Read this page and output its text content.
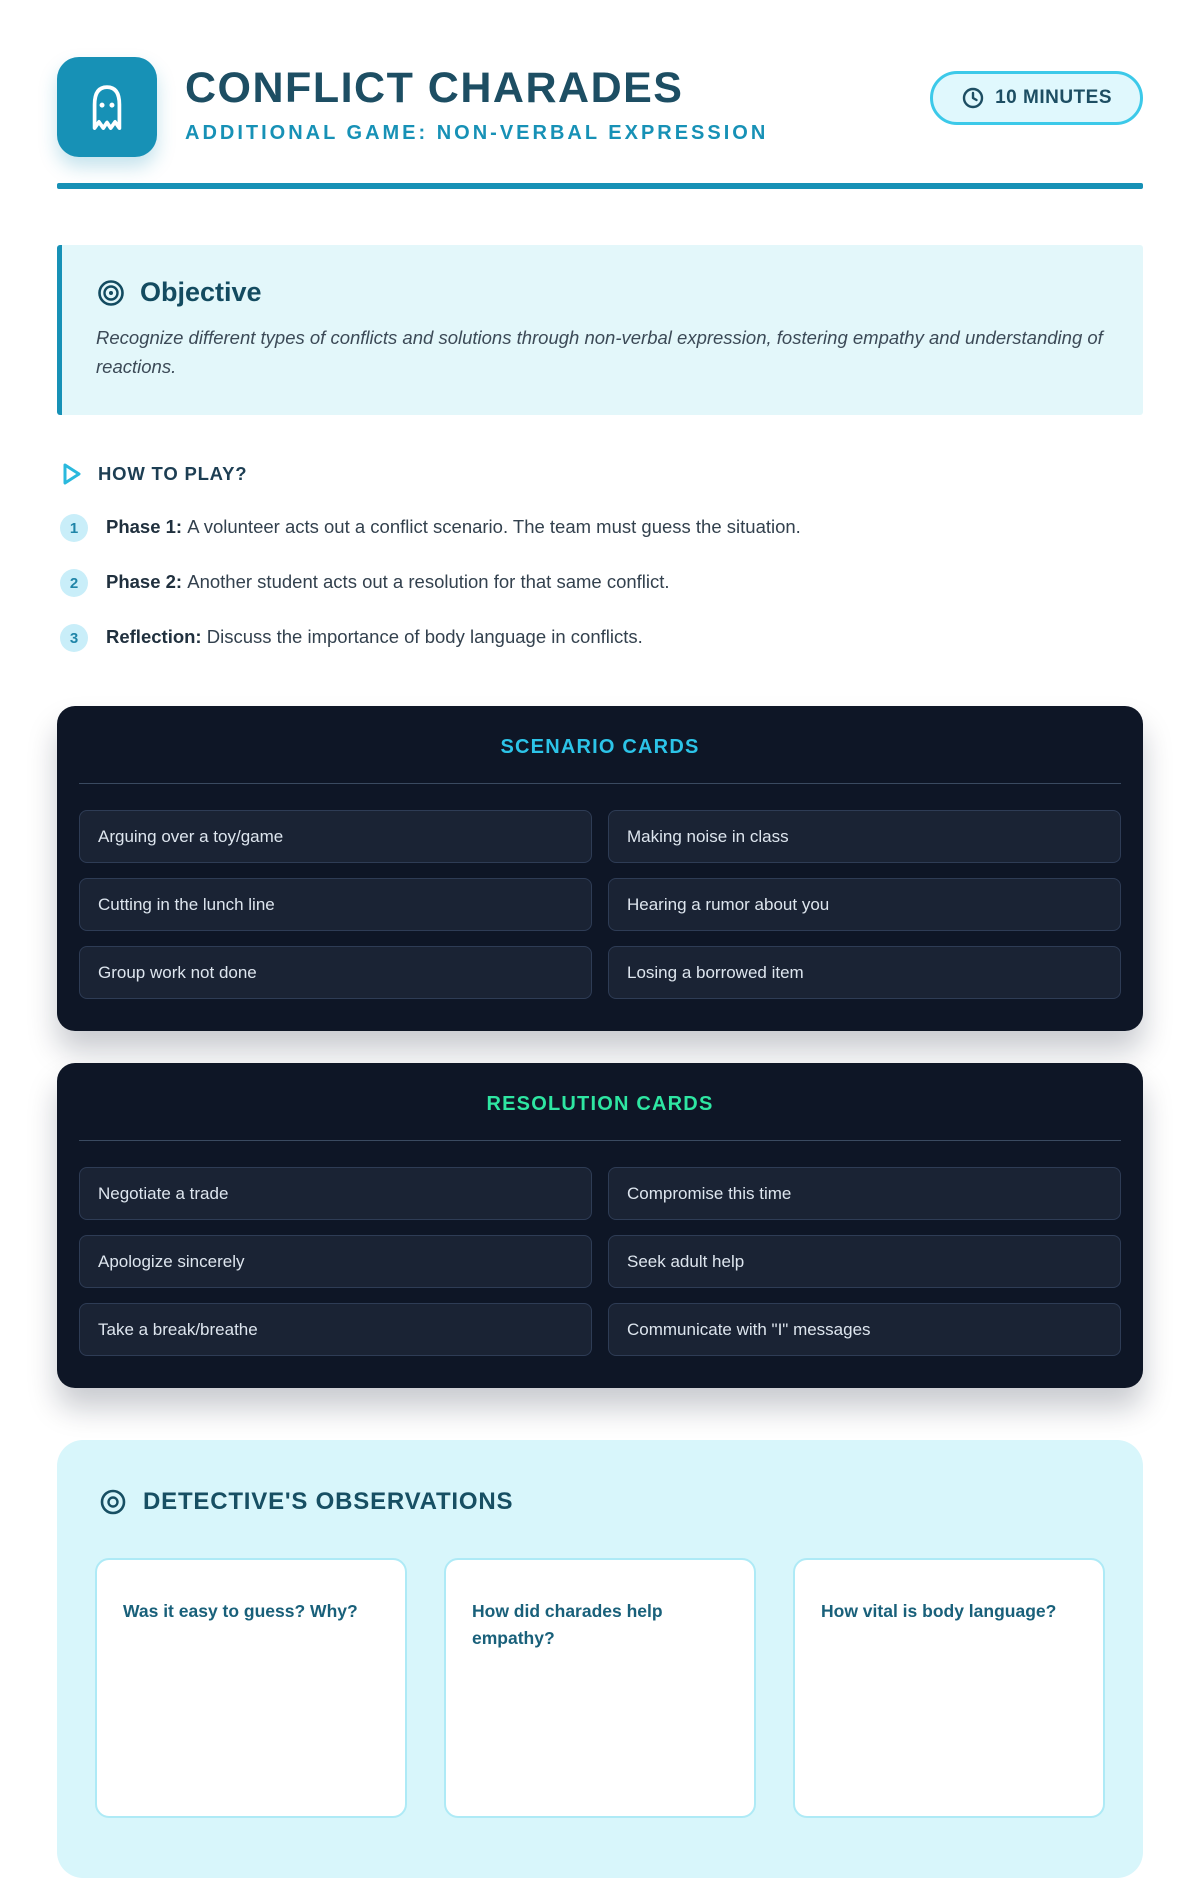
CONFLICT CHARADES
ADDITIONAL GAME: NON-VERBAL EXPRESSION
10 MINUTES
Objective
Recognize different types of conflicts and solutions through non-verbal expression, fostering empathy and understanding of reactions.
HOW TO PLAY?
1	Phase 1: A volunteer acts out a conflict scenario. The team must guess the situation.
2	Phase 2: Another student acts out a resolution for that same conflict.
3	Reflection: Discuss the importance of body language in conflicts.
SCENARIO CARDS
Arguing over a toy/game	Making noise in class
Cutting in the lunch line	Hearing a rumor about you
Group work not done	Losing a borrowed item
RESOLUTION CARDS
Negotiate a trade	Compromise this time
Apologize sincerely	Seek adult help
Take a break/breathe	Communicate with "I" messages
DETECTIVE'S OBSERVATIONS
Was it easy to guess? Why?	How did charades help empathy?
How vital is body language?
